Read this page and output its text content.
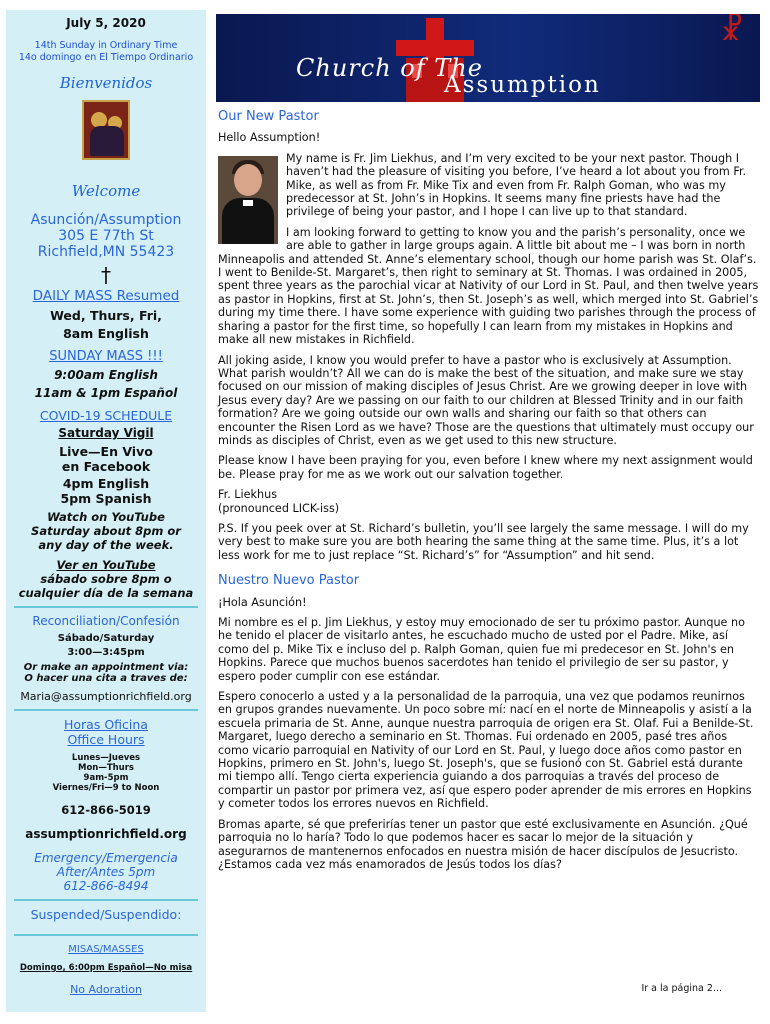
July 5, 2020
14th Sunday in Ordinary Time
14o domingo en El Tiempo Ordinario
Bienvenidos
Welcome
Asunción/Assumption
305 E 77th St
Richfield,MN 55423
†
DAILY MASS Resumed
Wed, Thurs, Fri,
8am English
SUNDAY MASS !!!
9:00am English
11am & 1pm Español
COVID-19 SCHEDULE
Saturday Vigil
Live—En Vivo
en Facebook
4pm English
5pm Spanish
Watch on YouTube
Saturday about 8pm or
any day of the week.
Ver en YouTube
sábado sobre 8pm o
cualquier día de la semana
Reconciliation/Confesión
Sábado/Saturday
3:00—3:45pm
Or make an appointment via:
O hacer una cita a traves de:
Maria@assumptionrichfield.org
Horas Oficina
Office Hours
Lunes—Jueves
Mon—Thurs
9am-5pm
Viernes/Fri—9 to Noon
612-866-5019
assumptionrichfield.org
Emergency/Emergencia
After/Antes 5pm
612-866-8494
Suspended/Suspendido:
MISAS/MASSES
Domingo, 6:00pm Español—No misa
No Adoration
Church of The
Assumption
☧
Our New Pastor

Hello Assumption!

My name is Fr. Jim Liekhus, and I’m very excited to be your next pastor. Though I haven’t had the pleasure of visiting you before, I’ve heard a lot about you from Fr. Mike, as well as from Fr. Mike Tix and even from Fr. Ralph Goman, who was my predecessor at St. John’s in Hopkins. It seems many fine priests have had the privilege of being your pastor, and I hope I can live up to that standard.

I am looking forward to getting to know you and the parish’s personality, once we are able to gather in large groups again. A little bit about me – I was born in north Minneapolis and attended St. Anne’s elementary school, though our home parish was St. Olaf’s. I went to Benilde-St. Margaret’s, then right to seminary at St. Thomas. I was ordained in 2005, spent three years as the parochial vicar at Nativity of our Lord in St. Paul, and then twelve years as pastor in Hopkins, first at St. John’s, then St. Joseph’s as well, which merged into St. Gabriel’s during my time there. I have some experience with guiding two parishes through the process of sharing a pastor for the first time, so hopefully I can learn from my mistakes in Hopkins and make all new mistakes in Richfield.

All joking aside, I know you would prefer to have a pastor who is exclusively at Assumption. What parish wouldn’t? All we can do is make the best of the situation, and make sure we stay focused on our mission of making disciples of Jesus Christ. Are we growing deeper in love with Jesus every day? Are we passing on our faith to our children at Blessed Trinity and in our faith formation? Are we going outside our own walls and sharing our faith so that others can encounter the Risen Lord as we have? Those are the questions that ultimately must occupy our minds as disciples of Christ, even as we get used to this new structure.

Please know I have been praying for you, even before I knew where my next assignment would be. Please pray for me as we work out our salvation together.

Fr. Liekhus

(pronounced LICK-iss)

P.S. If you peek over at St. Richard’s bulletin, you’ll see largely the same message. I will do my very best to make sure you are both hearing the same thing at the same time. Plus, it’s a lot less work for me to just replace “St. Richard’s” for “Assumption” and hit send.

Nuestro Nuevo Pastor

¡Hola Asunción!

Mi nombre es el p. Jim Liekhus, y estoy muy emocionado de ser tu próximo pastor. Aunque no he tenido el placer de visitarlo antes, he escuchado mucho de usted por el Padre. Mike, así como del p. Mike Tix e incluso del p. Ralph Goman, quien fue mi predecesor en St. John's en Hopkins. Parece que muchos buenos sacerdotes han tenido el privilegio de ser su pastor, y espero poder cumplir con ese estándar.

Espero conocerlo a usted y a la personalidad de la parroquia, una vez que podamos reunirnos en grupos grandes nuevamente. Un poco sobre mí: nací en el norte de Minneapolis y asistí a la escuela primaria de St. Anne, aunque nuestra parroquia de origen era St. Olaf. Fui a Benilde-St. Margaret, luego derecho a seminario en St. Thomas. Fui ordenado en 2005, pasé tres años como vicario parroquial en Nativity of our Lord en St. Paul, y luego doce años como pastor en Hopkins, primero en St. John's, luego St. Joseph's, que se fusionó con St. Gabriel está durante mi tiempo allí. Tengo cierta experiencia guiando a dos parroquias a través del proceso de compartir un pastor por primera vez, así que espero poder aprender de mis errores en Hopkins y cometer todos los errores nuevos en Richfield.

Bromas aparte, sé que preferirías tener un pastor que esté exclusivamente en Asunción. ¿Qué parroquia no lo haría? Todo lo que podemos hacer es sacar lo mejor de la situación y asegurarnos de mantenernos enfocados en nuestra misión de hacer discípulos de Jesucristo. ¿Estamos cada vez más enamorados de Jesús todos los días?

Ir a la página 2...
